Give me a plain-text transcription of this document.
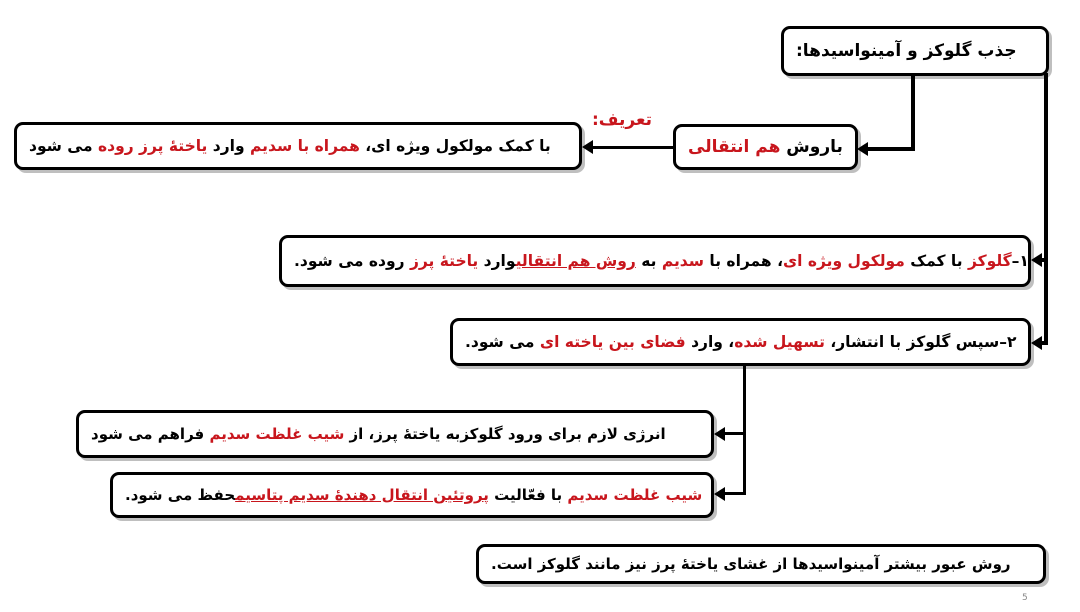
جذب گلوکز و آمینواسیدها:
باروش هم انتقالی
تعریف:
با کمک مولکول ویژه ای، همراه با سدیم وارد یاختۀ پرز روده می شود
۱–گلوکز با کمک مولکول ویژه ای، همراه با سدیم به روش هم انتقالیوارد یاختۀ پرز روده می شود.
۲–سپس گلوکز با انتشار، تسهیل شده، وارد فضای بین یاخته ای می شود.
انرژی لازم برای ورود گلوکزبه یاختۀ پرز، از شیب غلظت سدیم فراهم می شود
شیب غلظت سدیم با فعّالیت پروتئین انتقال دهندۀ سدیم پتاسیمحفظ می شود.
روش عبور بیشتر آمینواسیدها از غشای یاختۀ پرز نیز مانند گلوکز است.
5
